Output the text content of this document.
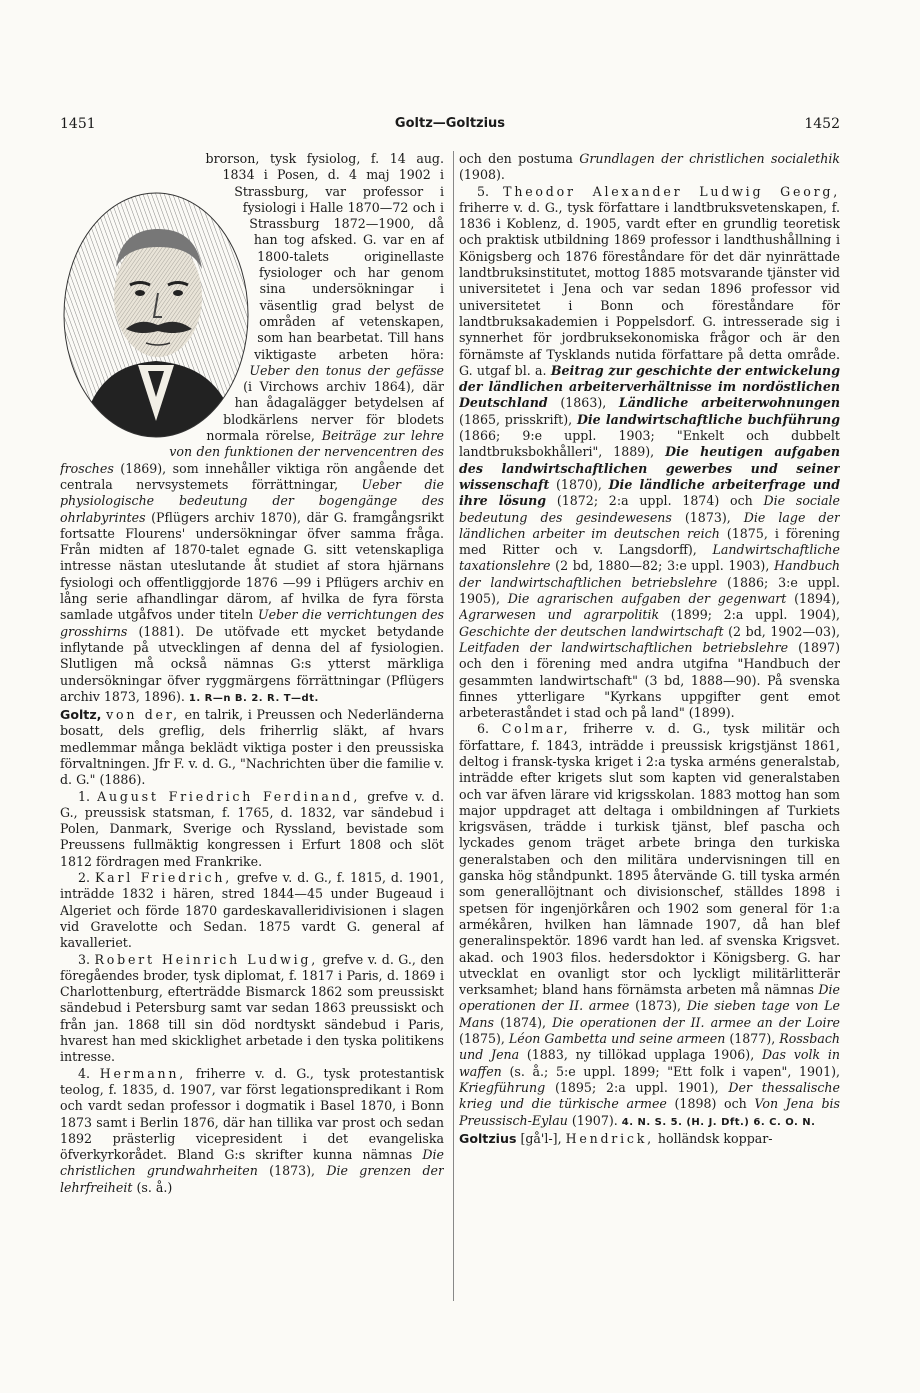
1451	Goltz—Goltzius	1452

brorson, tysk fysiolog, f. 14 aug. 1834 i Posen, d. 4 maj 1902 i Strassburg, var professor i fysiologi i Halle 1870—72 och i Strassburg 1872—1900, då han tog afsked. G. var en af 1800-talets originellaste fysiologer och har genom sina undersökningar i väsentlig grad belyst de områden af vetenskapen, som han bearbetat. Till hans viktigaste arbeten höra: Ueber den tonus der gefässe (i Virchows archiv 1864), där han ådagalägger betydelsen af blodkärlens nerver för blodets normala rörelse, Beiträge zur lehre von den funktionen der nervencentren des frosches (1869), som innehåller viktiga rön angående det centrala nervsystemets förrättningar, Ueber die physiologische bedeutung der bogengänge des ohrlabyrintes (Pflügers archiv 1870), där G. framgångsrikt fortsatte Flourens' undersökningar öfver samma fråga. Från midten af 1870-talet egnade G. sitt vetenskapliga intresse nästan uteslutande åt studiet af stora hjärnans fysiologi och offentliggjorde 1876 —99 i Pflügers archiv en lång serie afhandlingar därom, af hvilka de fyra första samlade utgåfvos under titeln Ueber die verrichtungen des grosshirns (1881). De utöfvade ett mycket betydande inflytande på utvecklingen af denna del af fysiologien. Slutligen må också nämnas G:s ytterst märkliga undersökningar öfver ryggmärgens förrättningar (Pflügers archiv 1873, 1896). 1. R—n B. 2. R. T—dt.

Goltz, von der, en talrik, i Preussen och Nederländerna bosatt, dels greflig, dels friherrlig släkt, af hvars medlemmar många beklädt viktiga poster i den preussiska förvaltningen. Jfr F. v. d. G., "Nachrichten über die familie v. d. G." (1886).

1. August Friedrich Ferdinand, grefve v. d. G., preussisk statsman, f. 1765, d. 1832, var sändebud i Polen, Danmark, Sverige och Ryssland, bevistade som Preussens fullmäktig kongressen i Erfurt 1808 och slöt 1812 fördragen med Frankrike.

2. Karl Friedrich, grefve v. d. G., f. 1815, d. 1901, inträdde 1832 i hären, stred 1844—45 under Bugeaud i Algeriet och förde 1870 gardeskavalleridivisionen i slagen vid Gravelotte och Sedan. 1875 vardt G. general af kavalleriet.

3. Robert Heinrich Ludwig, grefve v. d. G., den föregåendes broder, tysk diplomat, f. 1817 i Paris, d. 1869 i Charlottenburg, efterträdde Bismarck 1862 som preussiskt sändebud i Petersburg samt var sedan 1863 preussiskt och från jan. 1868 till sin död nordtyskt sändebud i Paris, hvarest han med skicklighet arbetade i den tyska politikens intresse.

4. Hermann, friherre v. d. G., tysk protestantisk teolog, f. 1835, d. 1907, var först legationspredikant i Rom och vardt sedan professor i dogmatik i Basel 1870, i Bonn 1873 samt i Berlin 1876, där han tillika var prost och sedan 1892 prästerlig vicepresident i det evangeliska öfverkyrkorådet. Bland G:s skrifter kunna nämnas Die christlichen grundwahrheiten (1873), Die grenzen der lehrfreiheit (s. å.)

och den postuma Grundlagen der christlichen socialethik (1908).

5. Theodor Alexander Ludwig Georg, friherre v. d. G., tysk författare i landtbruksvetenskapen, f. 1836 i Koblenz, d. 1905, vardt efter en grundlig teoretisk och praktisk utbildning 1869 professor i landthushållning i Königsberg och 1876 föreståndare för det där nyinrättade landtbruksinstitutet, mottog 1885 motsvarande tjänster vid universitetet i Jena och var sedan 1896 professor vid universitetet i Bonn och föreståndare för landtbruksakademien i Poppelsdorf. G. intresserade sig i synnerhet för jordbruksekonomiska frågor och är den förnämste af Tysklands nutida författare på detta område. G. utgaf bl. a. Beitrag zur geschichte der entwickelung der ländlichen arbeiterverhältnisse im nordöstlichen Deutschland (1863), Ländliche arbeiterwohnungen (1865, prisskrift), Die landwirtschaftliche buchführung (1866; 9:e uppl. 1903; "Enkelt och dubbelt landtbruksbokhålleri", 1889), Die heutigen aufgaben des landwirtschaftlichen gewerbes und seiner wissenschaft (1870), Die ländliche arbeiterfrage und ihre lösung (1872; 2:a uppl. 1874) och Die sociale bedeutung des gesindewesens (1873), Die lage der ländlichen arbeiter im deutschen reich (1875, i förening med Ritter och v. Langsdorff), Landwirtschaftliche taxationslehre (2 bd, 1880—82; 3:e uppl. 1903), Handbuch der landwirtschaftlichen betriebslehre (1886; 3:e uppl. 1905), Die agrarischen aufgaben der gegenwart (1894), Agrarwesen und agrarpolitik (1899; 2:a uppl. 1904), Geschichte der deutschen landwirtschaft (2 bd, 1902—03), Leitfaden der landwirtschaftlichen betriebslehre (1897) och den i förening med andra utgifna "Handbuch der gesammten landwirtschaft" (3 bd, 1888—90). På svenska finnes ytterligare "Kyrkans uppgifter gent emot arbeteraståndet i stad och på land" (1899).

6. Colmar, friherre v. d. G., tysk militär och författare, f. 1843, inträdde i preussisk krigstjänst 1861, deltog i fransk-tyska kriget i 2:a tyska arméns generalstab, inträdde efter krigets slut som kapten vid generalstaben och var äfven lärare vid krigsskolan. 1883 mottog han som major uppdraget att deltaga i ombildningen af Turkiets krigsväsen, trädde i turkisk tjänst, blef pascha och lyckades genom träget arbete bringa den turkiska generalstaben och den militära undervisningen till en ganska hög ståndpunkt. 1895 återvände G. till tyska armén som generallöjtnant och divisionschef, ställdes 1898 i spetsen för ingenjörkåren och 1902 som general för 1:a armékåren, hvilken han lämnade 1907, då han blef generalinspektör. 1896 vardt han led. af svenska Krigsvet. akad. och 1903 filos. hedersdoktor i Königsberg. G. har utvecklat en ovanligt stor och lyckligt militärlitterär verksamhet; bland hans förnämsta arbeten må nämnas Die operationen der II. armee (1873), Die sieben tage von Le Mans (1874), Die operationen der II. armee an der Loire (1875), Léon Gambetta und seine armeen (1877), Rossbach und Jena (1883, ny tillökad upplaga 1906), Das volk in waffen (s. å.; 5:e uppl. 1899; "Ett folk i vapen", 1901), Kriegführung (1895; 2:a uppl. 1901), Der thessalische krieg und die türkische armee (1898) och Von Jena bis Preussisch-Eylau (1907). 4. N. S. 5. (H. J. Dft.) 6. C. O. N.

Goltzius [gå'l-], Hendrick, holländsk koppar-
